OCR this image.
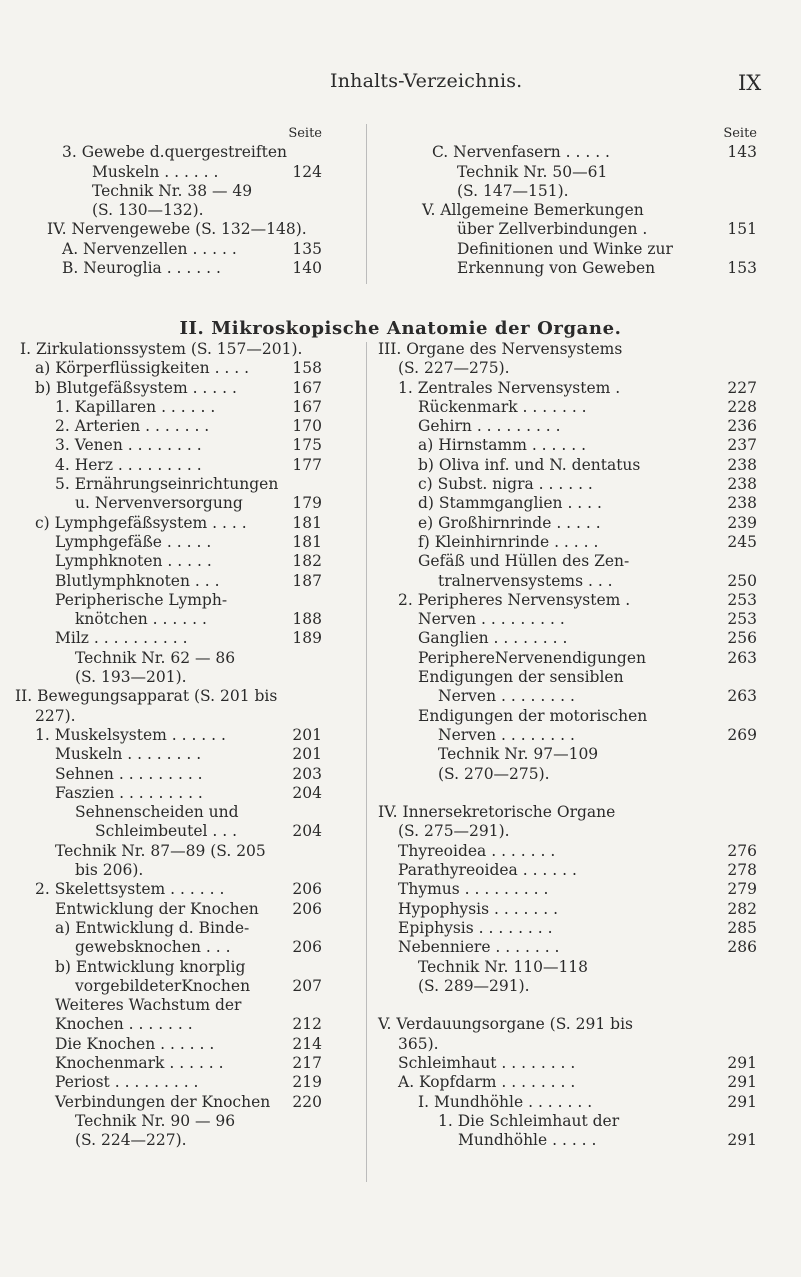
Inhalts-Verzeichnis.	IX
Seite
3. Gewebe d.quergestreiften
Muskeln . . . . . .	124
Technik Nr. 38 — 49
(S. 130—132).
IV. Nervengewebe (S. 132—148).
A. Nervenzellen . . . . .	135
B. Neuroglia . . . . . .	140
Seite
C. Nervenfasern . . . . .	143
Technik Nr. 50—61
(S. 147—151).
V. Allgemeine Bemerkungen
über Zellverbindungen .	151
Definitionen und Winke zur
Erkennung von Geweben	153
II. Mikroskopische Anatomie der Organe.
I. Zirkulationssystem (S. 157—201).
a) Körperflüssigkeiten . . . .	158
b) Blutgefäßsystem . . . . .	167
1. Kapillaren . . . . . .	167
2. Arterien . . . . . . .	170
3. Venen . . . . . . . .	175
4. Herz . . . . . . . . .	177
5. Ernährungseinrichtungen
u. Nervenversorgung	179
c) Lymphgefäßsystem . . . .	181
Lymphgefäße . . . . .	181
Lymphknoten . . . . .	182
Blutlymphknoten . . .	187
Peripherische Lymph-
knötchen . . . . . .	188
Milz . . . . . . . . . .	189
Technik Nr. 62 — 86
(S. 193—201).
II. Bewegungsapparat (S. 201 bis
227).
1. Muskelsystem . . . . . .	201
Muskeln . . . . . . . .	201
Sehnen . . . . . . . . .	203
Faszien . . . . . . . . .	204
Sehnenscheiden und
Schleimbeutel . . .	204
Technik Nr. 87—89 (S. 205
bis 206).
2. Skelettsystem . . . . . .	206
Entwicklung der Knochen 206
a) Entwicklung d. Binde-
gewebsknochen . . .	206
b) Entwicklung knorplig
vorgebildeterKnochen	207
Weiteres Wachstum der
Knochen . . . . . . .	212
Die Knochen . . . . . .	214
Knochenmark . . . . . .	217
Periost . . . . . . . . .	219
Verbindungen der Knochen 220
Technik Nr. 90 — 96
(S. 224—227).
III. Organe des Nervensystems
(S. 227—275).
1. Zentrales Nervensystem .	227
Rückenmark . . . . . . .	228
Gehirn . . . . . . . . .	236
a) Hirnstamm . . . . . .	237
b) Oliva inf. und N. dentatus	238
c) Subst. nigra . . . . . .	238
d) Stammganglien . . . .	238
e) Großhirnrinde . . . . .	239
f) Kleinhirnrinde . . . . .	245
Gefäß und Hüllen des Zen-
tralnervensystems . . .	250
2. Peripheres Nervensystem .	253
Nerven . . . . . . . . .	253
Ganglien . . . . . . . .	256
PeriphereNervenendigungen	263
Endigungen der sensiblen
Nerven . . . . . . . .	263
Endigungen der motorischen
Nerven . . . . . . . .	269
Technik Nr. 97—109
(S. 270—275).
IV. Innersekretorische Organe
(S. 275—291).
Thyreoidea . . . . . . .	276
Parathyreoidea . . . . . .	278
Thymus . . . . . . . . .	279
Hypophysis . . . . . . .	282
Epiphysis . . . . . . . .	285
Nebenniere . . . . . . .	286
Technik Nr. 110—118
(S. 289—291).
V. Verdauungsorgane (S. 291 bis
365).
Schleimhaut . . . . . . . .	291
A. Kopfdarm . . . . . . . .	291
I. Mundhöhle . . . . . . .	291
1. Die Schleimhaut der
Mundhöhle . . . . .	291
